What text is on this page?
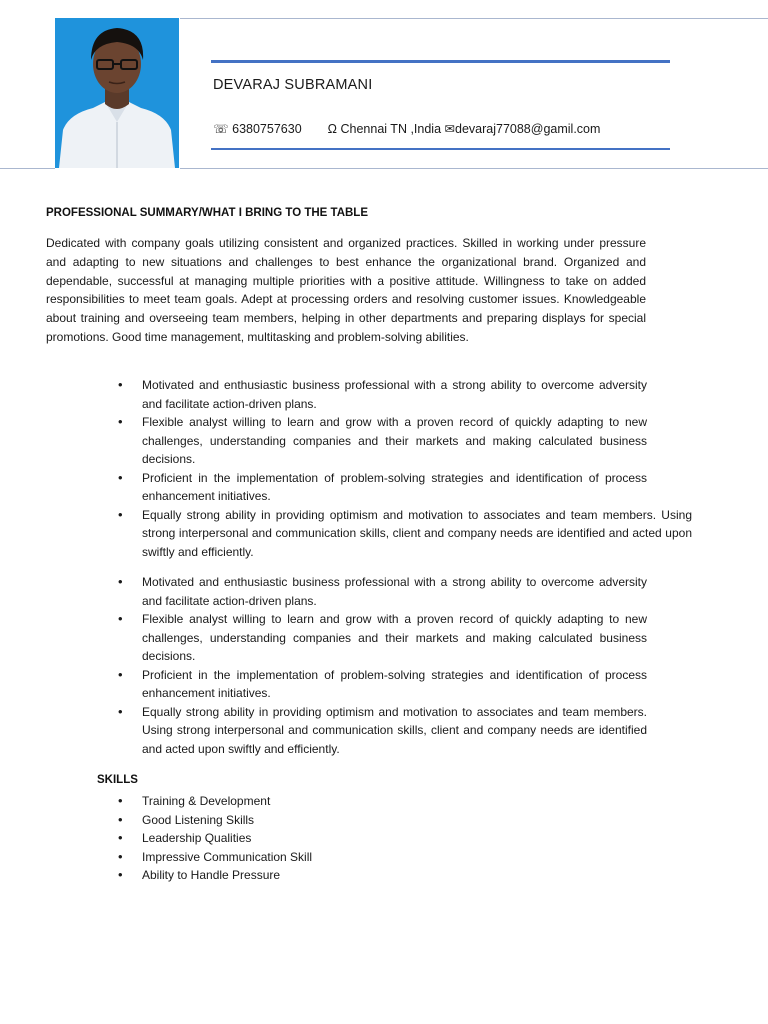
DEVARAJ SUBRAMANI
☏ 6380757630 Ω Chennai TN ,India ✉devaraj77088@gamil.com
PROFESSIONAL SUMMARY/WHAT I BRING TO THE TABLE

Dedicated with company goals utilizing consistent and organized practices. Skilled in working under pressure and adapting to new situations and challenges to best enhance the organizational brand. Organized and dependable, successful at managing multiple priorities with a positive attitude. Willingness to take on added responsibilities to meet team goals. Adept at processing orders and resolving customer issues. Knowledgeable about training and overseeing team members, helping in other departments and preparing displays for special promotions. Good time management, multitasking and problem-solving abilities.

• Motivated and enthusiastic business professional with a strong ability to overcome adversity and facilitate action-driven plans.
• Flexible analyst willing to learn and grow with a proven record of quickly adapting to new challenges, understanding companies and their markets and making calculated business decisions.
• Proficient in the implementation of problem-solving strategies and identification of process enhancement initiatives.
• Equally strong ability in providing optimism and motivation to associates and team members. Using strong interpersonal and communication skills, client and company needs are identified and acted upon swiftly and efficiently.
• Motivated and enthusiastic business professional with a strong ability to overcome adversity and facilitate action-driven plans.
• Flexible analyst willing to learn and grow with a proven record of quickly adapting to new challenges, understanding companies and their markets and making calculated business decisions.
• Proficient in the implementation of problem-solving strategies and identification of process enhancement initiatives.
• Equally strong ability in providing optimism and motivation to associates and team members. Using strong interpersonal and communication skills, client and company needs are identified and acted upon swiftly and efficiently.
SKILLS
• Training & Development
• Good Listening Skills
• Leadership Qualities
• Impressive Communication Skill
• Ability to Handle Pressure
